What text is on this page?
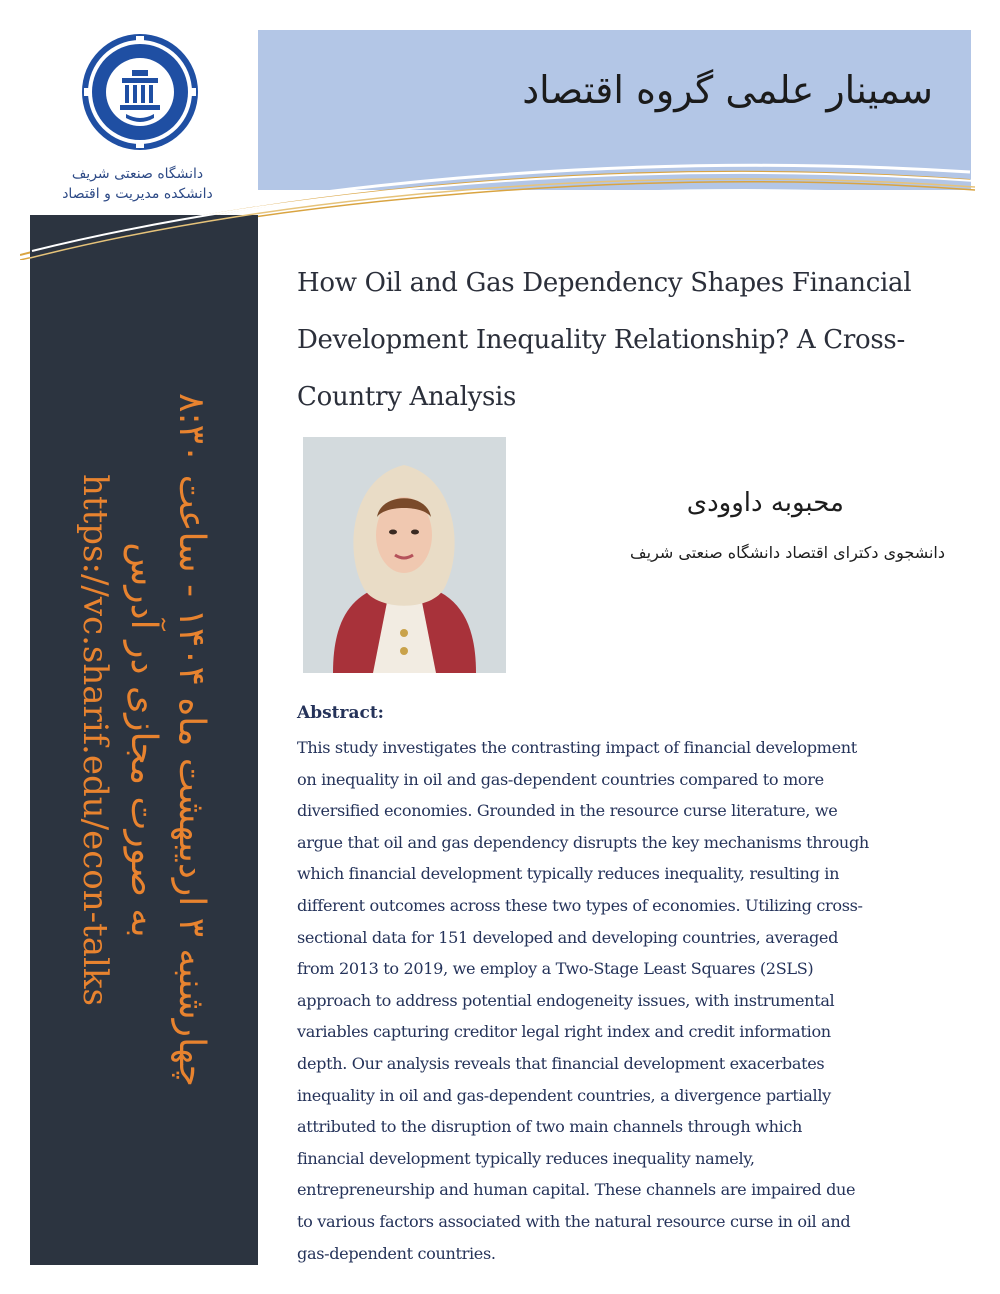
سمینار علمی گروه اقتصاد
دانشگاه صنعتی شریف
دانشکده مدیریت و اقتصاد
چهارشنبه ۳ اردیبهشت ماه ۱۴۰۴ - ساعت ۸:۳۰
به صورت مجازی در آدرس
https://vc.sharif.edu/econ-talks
How Oil and Gas Dependency Shapes Financial
Development Inequality Relationship? A Cross-
Country Analysis
محبوبه داوودی
دانشجوی دکترای اقتصاد دانشگاه صنعتی شریف
Abstract:
This study investigates the contrasting impact of financial development
on inequality in oil and gas-dependent countries compared to more
diversified economies. Grounded in the resource curse literature, we
argue that oil and gas dependency disrupts the key mechanisms through
which financial development typically reduces inequality, resulting in
different outcomes across these two types of economies. Utilizing cross-
sectional data for 151 developed and developing countries, averaged
from 2013 to 2019, we employ a Two-Stage Least Squares (2SLS)
approach to address potential endogeneity issues, with instrumental
variables capturing creditor legal right index and credit information
depth. Our analysis reveals that financial development exacerbates
inequality in oil and gas-dependent countries, a divergence partially
attributed to the disruption of two main channels through which
financial development typically reduces inequality namely,
entrepreneurship and human capital. These channels are impaired due
to various factors associated with the natural resource curse in oil and
gas-dependent countries.
